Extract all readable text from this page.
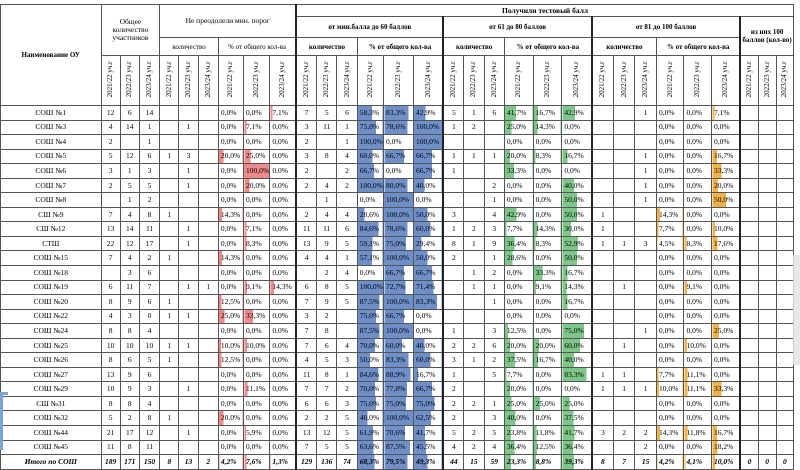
Наименование ОУ	Общее количество участников			Не преодолели мин. порог						Получили тестовый балл																				
										от мин.балла до 60 баллов						от 61 до 80 баллов						от 81 до 100 баллов						из них 100 баллов (кол-во)		
				количество			% от общего кол-ва			количество			% от общего кол-ва			количество			% от общего кол-ва			количество			% от общего кол-ва					
	2021/22 уч.г	2022/23 уч.г	2023/24 уч.г	2021/22 уч.г	2022/23 уч.г	2023/24 уч.г	2021/22 уч.г	2022/23 уч.г	2023/24 уч.г	2021/22 уч.г	2022/23 уч.г	2023/24 уч.г	2021/22 уч.г	2022/23 уч.г	2023/24 уч.г	2021/22 уч.г	2022/23 уч.г	2023/24 уч.г	2021/22 уч.г	2022/23 уч.г	2023/24 уч.г	2021/22 уч.г	2022/23 уч.г	2023/24 уч.г	2021/22 уч.г	2022/23 уч.г	2023/24 уч.г	2021/22 уч.г	2022/23 уч.г	2023/24 уч.г
СОШ №1	12	6	14				0,0%	0,0%	7,1%	7	5	6	58,3%	83,3%	42,9%	5	1	6	41,7%	16,7%	42,9%			1	0,0%	0,0%	7,1%			
СОШ №3	4	14	1		1		0,0%	7,1%	0,0%	3	11	1	75,0%	78,6%	100,0%	1	2		25,0%	14,3%	0,0%				0,0%	0,0%	0,0%			
СОШ №4	2		1				0,0%	0,0%	0,0%	2		1	100,0%	0,0%	100,0%				0,0%	0,0%	0,0%				0,0%	0,0%	0,0%			
СОШ №5	5	12	6	1	3		20,0%	25,0%	0,0%	3	8	4	60,0%	66,7%	66,7%	1	1	1	20,0%	8,3%	16,7%			1	0,0%	0,0%	16,7%			
СОШ №6	3	1	3		1		0,0%	100,0%	0,0%	2		2	66,7%	0,0%	66,7%	1			33,3%	0,0%	0,0%			1	0,0%	0,0%	33,3%			
СОШ №7	2	5	5		1		0,0%	20,0%	0,0%	2	4	2	100,0%	80,0%	40,0%			2	0,0%	0,0%	40,0%			1	0,0%	0,0%	20,0%			
СОШ №8		1	2				0,0%	0,0%	0,0%		1		0,0%	100,0%	0,0%			1	0,0%	0,0%	50,0%			1	0,0%	0,0%	50,0%			
СШ №9	7	4	8	1			14,3%	0,0%	0,0%	2	4	4	28,6%	100,0%	50,0%	3		4	42,9%	0,0%	50,0%	1			14,3%	0,0%	0,0%			
СШ №12	13	14	11		1		0,0%	7,1%	0,0%	11	11	6	84,6%	78,6%	60,0%	1	2	3	7,7%	14,3%	30,0%	1			7,7%	0,0%	10,0%			
СТШ	22	12	17		1		0,0%	8,3%	0,0%	13	9	5	59,1%	75,0%	29,4%	8	1	9	36,4%	8,3%	52,9%	1	1	3	4,5%	8,3%	17,6%			
СОШ №15	7	4	2	1			14,3%	0,0%	0,0%	4	4	1	57,1%	100,0%	50,0%	2		1	28,6%	0,0%	50,0%				0,0%	0,0%	0,0%			
СОШ №18		3	6				0,0%	0,0%	0,0%		2	4	0,0%	66,7%	66,7%		1	2	0,0%	33,3%	16,7%				0,0%	0,0%	0,0%			
СОШ №19	6	11	7		1	1	0,0%	9,1%	14,3%	6	8	5	100,0%	72,7%	71,4%		1	1	0,0%	9,1%	14,3%		1		0,0%	9,1%	0,0%			
СОШ №20	8	9	6	1			12,5%	0,0%	0,0%	7	9	5	87,5%	100,0%	83,3%			1	0,0%	0,0%	16,7%				0,0%	0,0%	0,0%			
СОШ №22	4	3	0	1	1		25,0%	33,3%	0,0%	3	2		75,0%	66,7%	0,0%				0,0%	0,0%	0,0%				0,0%	0,0%	0,0%			
СОШ №24	8	8	4				0,0%	0,0%	0,0%	7	8		87,5%	100,0%	0,0%	1		3	12,5%	0,0%	75,0%			1	0,0%	0,0%	25,0%			
СОШ №25	10	10	10	1	1		10,0%	10,0%	0,0%	7	6	4	70,0%	60,0%	40,0%	2	2	6	20,0%	20,0%	60,0%		1		0,0%	10,0%	0,0%			
СОШ №26	8	6	5	1			12,5%	0,0%	0,0%	4	5	3	50,0%	83,3%	60,0%	3	1	2	37,5%	16,7%	40,0%				0,0%	0,0%	0,0%			
СОШ №27	13	9	6				0,0%	0,0%	0,0%	11	8	1	84,6%	88,9%	16,7%	1		5	7,7%	0,0%	83,3%	1	1		7,7%	11,1%	0,0%			
СОШ №29	10	9	3		1		0,0%	11,1%	0,0%	7	7	2	70,0%	77,8%	66,7%	2			20,0%	0,0%	0,0%	1	1	1	10,0%	11,1%	33,3%			
СШ №31	8	8	4				0,0%	0,0%	0,0%	6	6	3	75,0%	75,0%	75,0%	2	2	1	25,0%	25,0%	25,0%				0,0%	0,0%	0,0%			
СОШ №32	5	2	8	1			20,0%	0,0%	0,0%	2	2	5	40,0%	100,0%	62,5%	2		3	40,0%	0,0%	37,5%				0,0%	0,0%	0,0%			
СОШ №44	21	17	12		1		0,0%	5,9%	0,0%	13	12	5	61,9%	70,6%	41,7%	5	2	5	23,8%	11,8%	41,7%	3	2	2	14,3%	11,8%	16,7%			
СОШ №45	11	8	11				0,0%	0,0%	0,0%	7	5	5	63,6%	87,5%	45,5%	4	2	4	36,4%	12,5%	36,4%			2	0,0%	0,0%	18,2%			
Итого по СОШ	189	171	150	8	13	2	4,2%	7,6%	1,3%	129	136	74	68,3%	79,5%	49,3%	44	15	59	23,3%	8,8%	39,3%	8	7	15	4,2%	4,1%	10,0%	0	0	0
